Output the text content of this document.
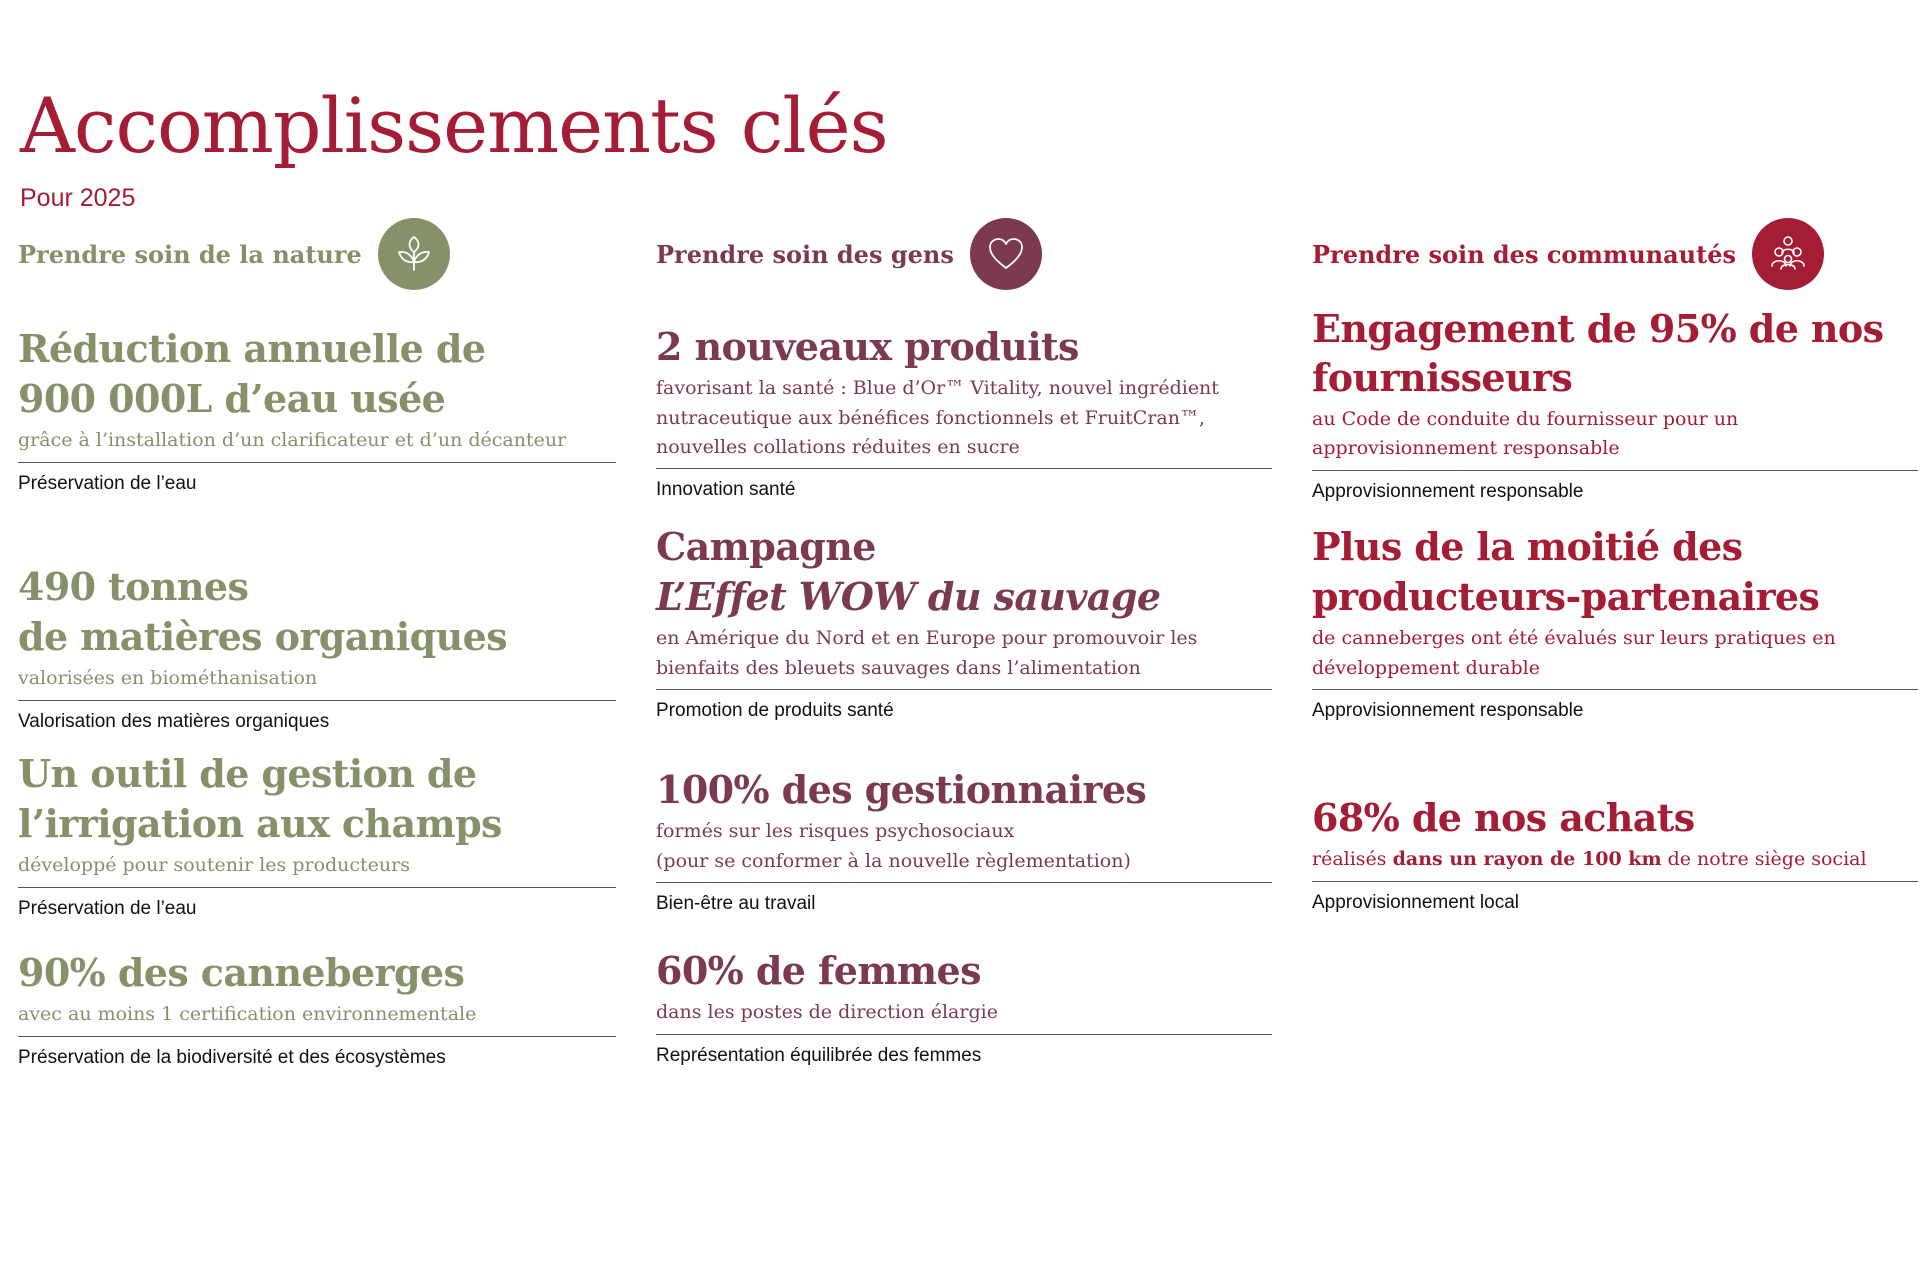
Accomplissements clés
Pour 2025
Prendre soin de la nature
Réduction annuelle de
900 000L d’eau usée
grâce à l’installation d’un clarificateur et d’un décanteur
Préservation de l’eau
490 tonnes
de matières organiques
valorisées en biométhanisation
Valorisation des matières organiques
Un outil de gestion de
l’irrigation aux champs
développé pour soutenir les producteurs
Préservation de l’eau
90% des canneberges
avec au moins 1 certification environnementale
Préservation de la biodiversité et des écosystèmes
Prendre soin des gens
2 nouveaux produits
favorisant la santé : Blue d’Or™ Vitality, nouvel ingrédient
nutraceutique aux bénéfices fonctionnels et FruitCran™,
nouvelles collations réduites en sucre
Innovation santé
Campagne
L’Effet WOW du sauvage
en Amérique du Nord et en Europe pour promouvoir les
bienfaits des bleuets sauvages dans l’alimentation
Promotion de produits santé
100% des gestionnaires
formés sur les risques psychosociaux
(pour se conformer à la nouvelle règlementation)
Bien-être au travail
60% de femmes
dans les postes de direction élargie
Représentation équilibrée des femmes
Prendre soin des communautés
Engagement de 95% de nos
fournisseurs
au Code de conduite du fournisseur pour un
approvisionnement responsable
Approvisionnement responsable
Plus de la moitié des
producteurs-partenaires
de canneberges ont été évalués sur leurs pratiques en
développement durable
Approvisionnement responsable
68% de nos achats
réalisés dans un rayon de 100 km de notre siège social
Approvisionnement local
